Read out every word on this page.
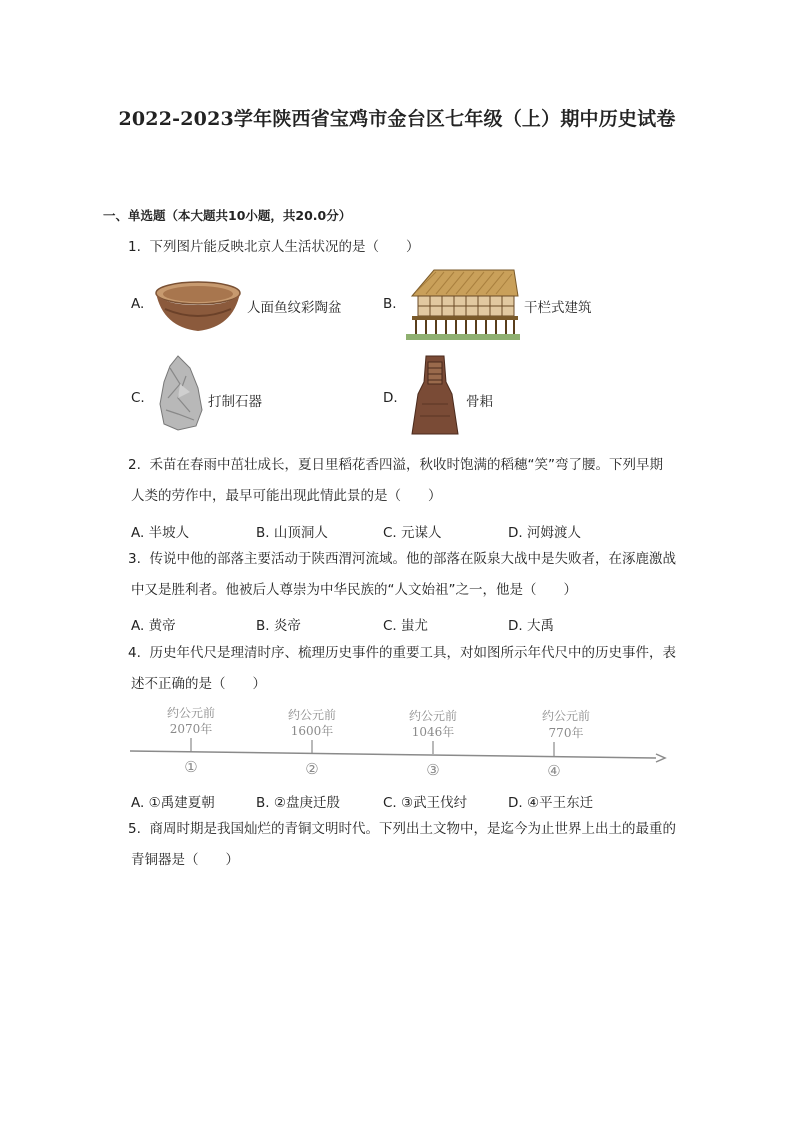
2022-2023学年陕西省宝鸡市金台区七年级（上）期中历史试卷
一、单选题（本大题共10小题，共20.0分）
1. 下列图片能反映北京人生活状况的是（　　）
A.	人面鱼纹彩陶盆	B.	干栏式建筑
C.	打制石器	D.	骨耜
2. 禾苗在春雨中茁壮成长，夏日里稻花香四溢，秋收时饱满的稻穗“笑”弯了腰。下列早期
人类的劳作中，最早可能出现此情此景的是（　　）
A. 半坡人	B. 山顶洞人	C. 元谋人	D. 河姆渡人
3. 传说中他的部落主要活动于陕西渭河流域。他的部落在阪泉大战中是失败者，在涿鹿激战
中又是胜利者。他被后人尊崇为中华民族的“人文始祖”之一，他是（　　）
A. 黄帝	B. 炎帝	C. 蚩尤	D. 大禹
4. 历史年代尺是理清时序、梳理历史事件的重要工具，对如图所示年代尺中的历史事件，表
述不正确的是（　　）
约公元前
2070年
①
约公元前
1600年
②
约公元前
1046年
③
约公元前
770年
④
A. ①禹建夏朝	B. ②盘庚迁殷	C. ③武王伐纣	D. ④平王东迁
5. 商周时期是我国灿烂的青铜文明时代。下列出土文物中，是迄今为止世界上出土的最重的
青铜器是（　　）
